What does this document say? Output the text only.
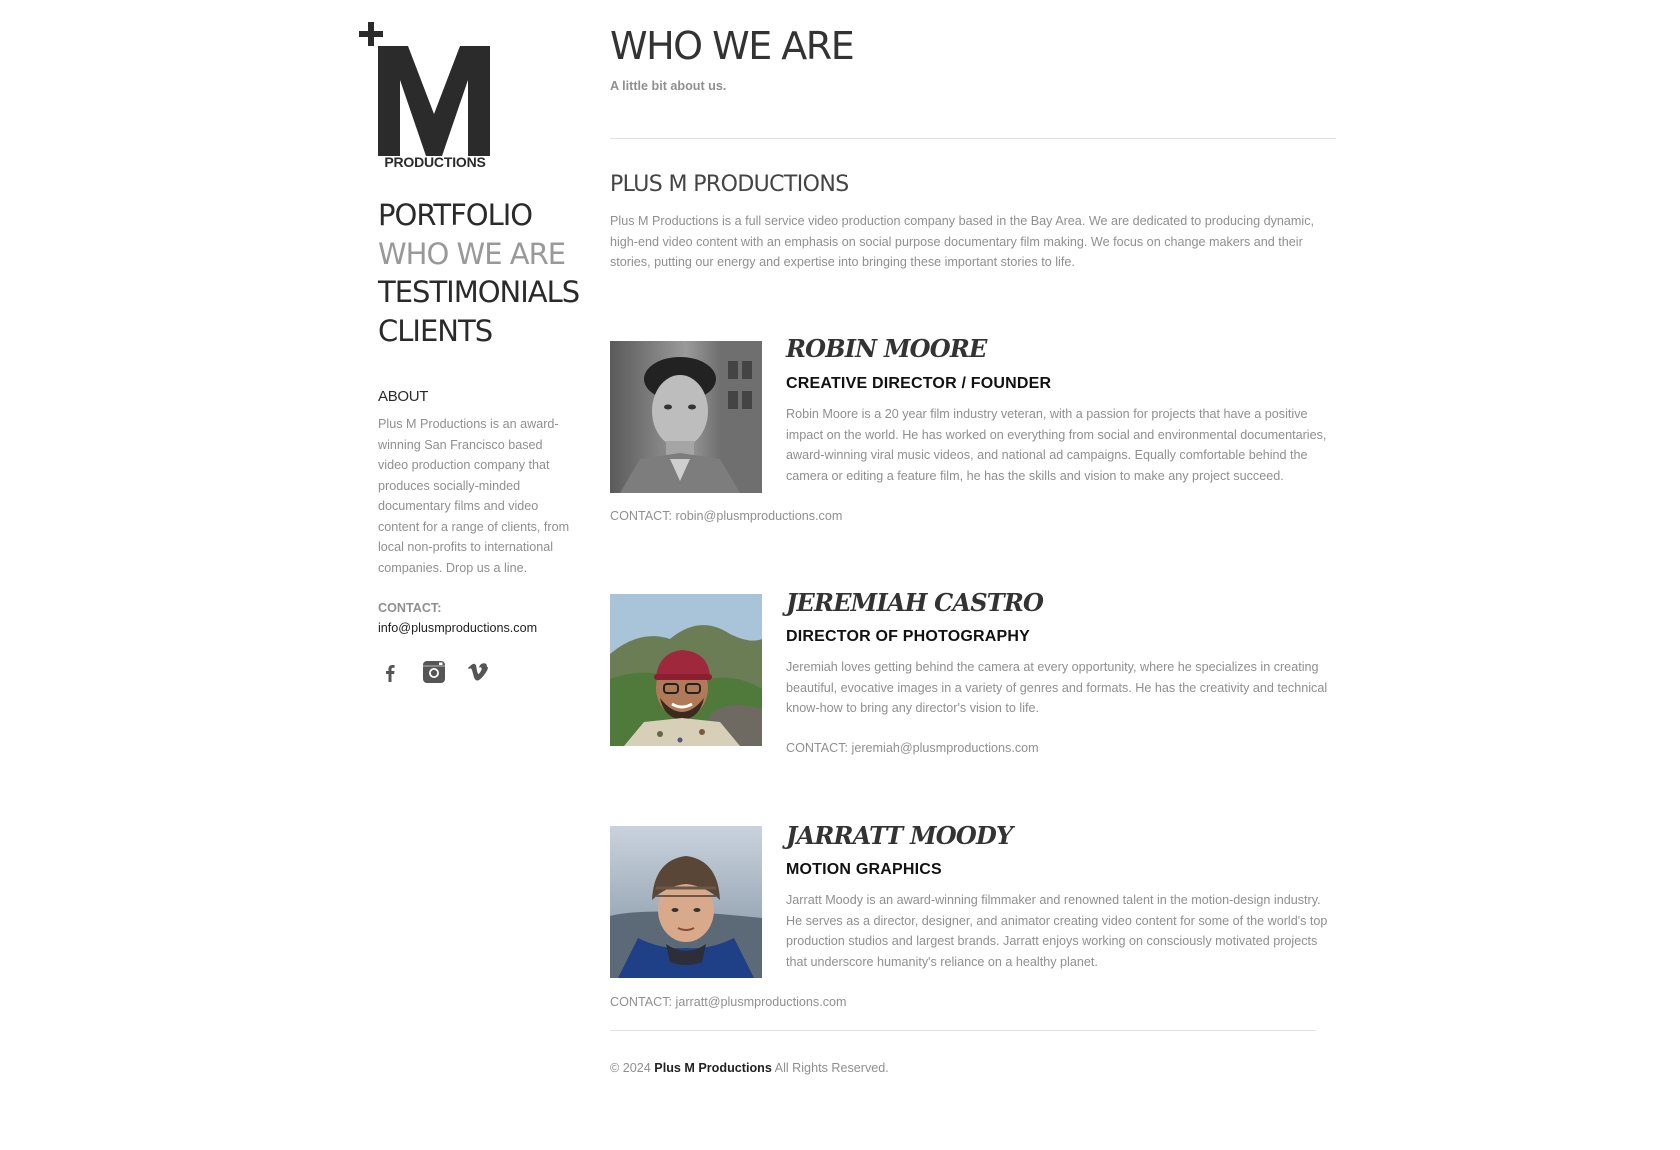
PRODUCTIONS
PORTFOLIO
WHO WE ARE
TESTIMONIALS
CLIENTS
ABOUT

Plus M Productions is an award-winning San Francisco based video production company that produces socially-minded documentary films and video content for a range of clients, from local non-profits to international companies. Drop us a line.

CONTACT:
info@plusmproductions.com
WHO WE ARE
A little bit about us.
PLUS M PRODUCTIONS

Plus M Productions is a full service video production company based in the Bay Area. We are dedicated to producing dynamic, high-end video content with an emphasis on social purpose documentary film making. We focus on change makers and their stories, putting our energy and expertise into bringing these important stories to life.

ROBIN MOORE
CREATIVE DIRECTOR / FOUNDER

Robin Moore is a 20 year film industry veteran, with a passion for projects that have a positive impact on the world. He has worked on everything from social and environmental documentaries, award-winning viral music videos, and national ad campaigns. Equally comfortable behind the camera or editing a feature film, he has the skills and vision to make any project succeed.

CONTACT: robin@plusmproductions.com
JEREMIAH CASTRO
DIRECTOR OF PHOTOGRAPHY

Jeremiah loves getting behind the camera at every opportunity, where he specializes in creating beautiful, evocative images in a variety of genres and formats. He has the creativity and technical know-how to bring any director's vision to life.

CONTACT: jeremiah@plusmproductions.com
JARRATT MOODY
MOTION GRAPHICS

Jarratt Moody is an award-winning filmmaker and renowned talent in the motion-design industry. He serves as a director, designer, and animator creating video content for some of the world's top production studios and largest brands. Jarratt enjoys working on consciously motivated projects that underscore humanity's reliance on a healthy planet.

CONTACT: jarratt@plusmproductions.com
© 2024 Plus M Productions All Rights Reserved.
